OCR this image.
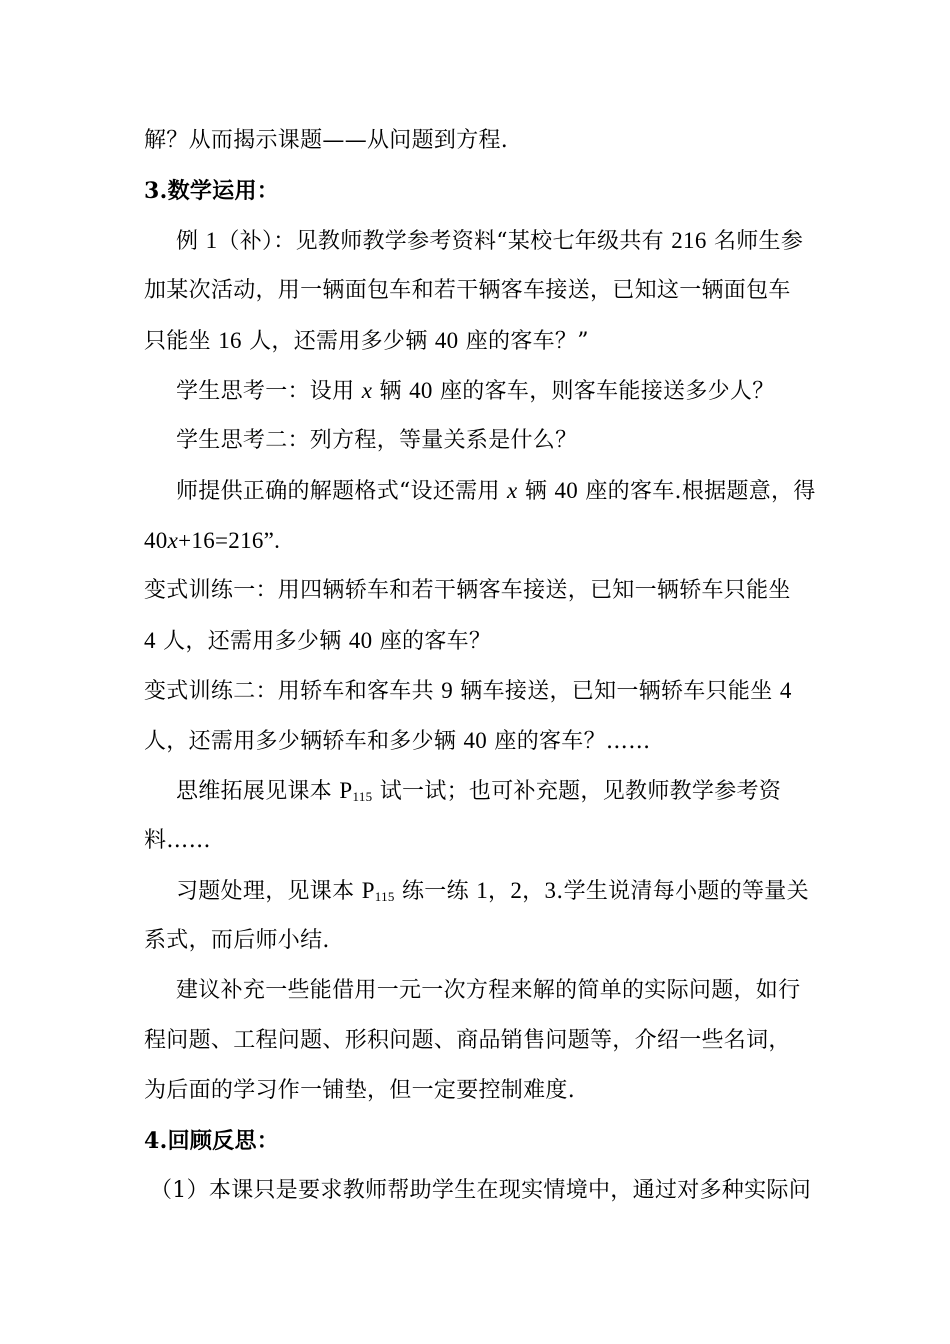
解？从而揭示课题——从问题到方程.
3.数学运用：
例 1（补）：见教师教学参考资料“某校七年级共有 216 名师生参
加某次活动，用一辆面包车和若干辆客车接送，已知这一辆面包车
只能坐 16 人，还需用多少辆 40 座的客车？”
学生思考一：设用 x 辆 40 座的客车，则客车能接送多少人？
学生思考二：列方程，等量关系是什么？
师提供正确的解题格式“设还需用 x 辆 40 座的客车.根据题意，得
40x+16=216”.
变式训练一：用四辆轿车和若干辆客车接送，已知一辆轿车只能坐
4 人，还需用多少辆 40 座的客车？
变式训练二：用轿车和客车共 9 辆车接送，已知一辆轿车只能坐 4
人，还需用多少辆轿车和多少辆 40 座的客车？……
思维拓展见课本 $P_{115}$ 试一试；也可补充题，见教师教学参考资
料……
习题处理，见课本 $P_{115}$ 练一练 1，2，3.学生说清每小题的等量关
系式，而后师小结.
建议补充一些能借用一元一次方程来解的简单的实际问题，如行
程问题、工程问题、形积问题、商品销售问题等，介绍一些名词，
为后面的学习作一铺垫，但一定要控制难度.
4.回顾反思：
（1）本课只是要求教师帮助学生在现实情境中，通过对多种实际问
